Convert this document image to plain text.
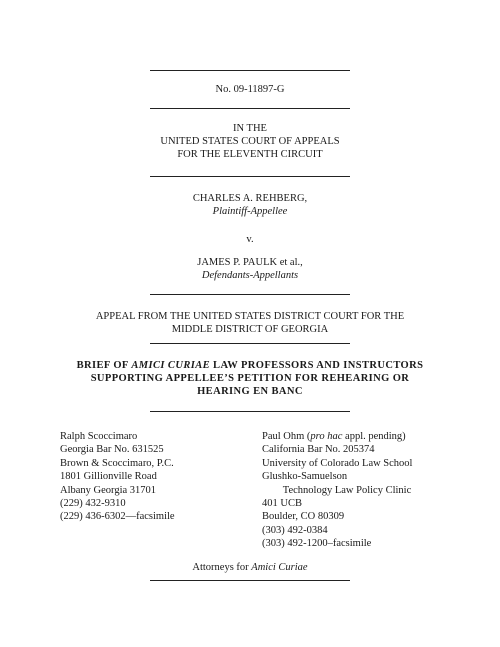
No. 09-11897-G
IN THE
UNITED STATES COURT OF APPEALS
FOR THE ELEVENTH CIRCUIT
CHARLES A. REHBERG,
Plaintiff-Appellee
v.
JAMES P. PAULK et al.,
Defendants-Appellants
APPEAL FROM THE UNITED STATES DISTRICT COURT FOR THE
MIDDLE DISTRICT OF GEORGIA
BRIEF OF AMICI CURIAE LAW PROFESSORS AND INSTRUCTORS
SUPPORTING APPELLEE’S PETITION FOR REHEARING OR
HEARING EN BANC
Ralph Scoccimaro
Georgia Bar No. 631525
Brown & Scoccimaro, P.C.
1801 Gillionville Road
Albany Georgia 31701
(229) 432-9310
(229) 436-6302—facsimile
Paul Ohm (pro hac appl. pending)
California Bar No. 205374
University of Colorado Law School
Glushko-Samuelson
Technology Law Policy Clinic
401 UCB
Boulder, CO 80309
(303) 492-0384
(303) 492-1200–facsimile
Attorneys for Amici Curiae
